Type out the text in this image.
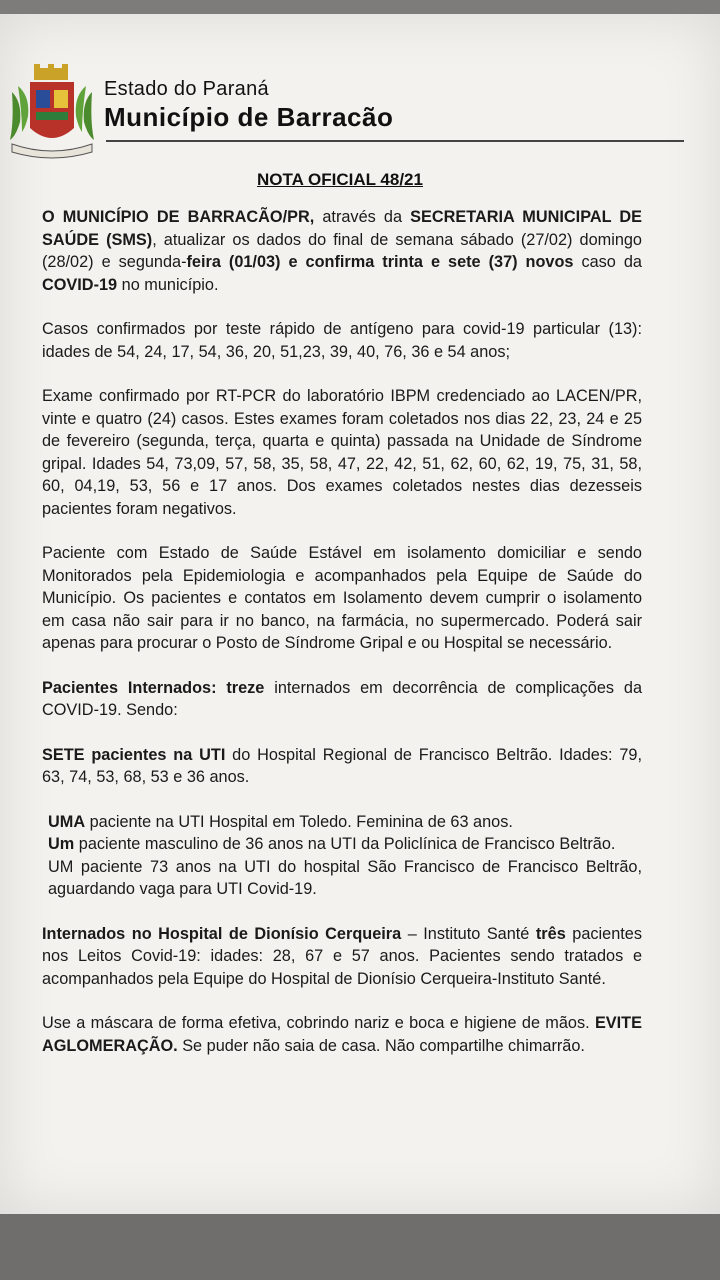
Estado do Paraná
Município de Barracão
NOTA OFICIAL 48/21

O MUNICÍPIO DE BARRACÃO/PR, através da SECRETARIA MUNICIPAL DE SAÚDE (SMS), atualizar os dados do final de semana sábado (27/02) domingo (28/02) e segunda-feira (01/03) e confirma trinta e sete (37) novos caso da COVID-19 no município.

Casos confirmados por teste rápido de antígeno para covid-19 particular (13): idades de 54, 24, 17, 54, 36, 20, 51,23, 39, 40, 76, 36 e 54 anos;

Exame confirmado por RT-PCR do laboratório IBPM credenciado ao LACEN/PR, vinte e quatro (24) casos. Estes exames foram coletados nos dias 22, 23, 24 e 25 de fevereiro (segunda, terça, quarta e quinta) passada na Unidade de Síndrome gripal. Idades 54, 73,09, 57, 58, 35, 58, 47, 22, 42, 51, 62, 60, 62, 19, 75, 31, 58, 60, 04,19, 53, 56 e 17 anos. Dos exames coletados nestes dias dezesseis pacientes foram negativos.

Paciente com Estado de Saúde Estável em isolamento domiciliar e sendo Monitorados pela Epidemiologia e acompanhados pela Equipe de Saúde do Município. Os pacientes e contatos em Isolamento devem cumprir o isolamento em casa não sair para ir no banco, na farmácia, no supermercado. Poderá sair apenas para procurar o Posto de Síndrome Gripal e ou Hospital se necessário.

Pacientes Internados: treze internados em decorrência de complicações da COVID-19. Sendo:

SETE pacientes na UTI do Hospital Regional de Francisco Beltrão. Idades: 79, 63, 74, 53, 68, 53 e 36 anos.

UMA paciente na UTI Hospital em Toledo. Feminina de 63 anos.

Um paciente masculino de 36 anos na UTI da Policlínica de Francisco Beltrão.

UM paciente 73 anos na UTI do hospital São Francisco de Francisco Beltrão, aguardando vaga para UTI Covid-19.

Internados no Hospital de Dionísio Cerqueira – Instituto Santé três pacientes nos Leitos Covid-19: idades: 28, 67 e 57 anos. Pacientes sendo tratados e acompanhados pela Equipe do Hospital de Dionísio Cerqueira-Instituto Santé.

Use a máscara de forma efetiva, cobrindo nariz e boca e higiene de mãos. EVITE AGLOMERAÇÃO. Se puder não saia de casa. Não compartilhe chimarrão.
